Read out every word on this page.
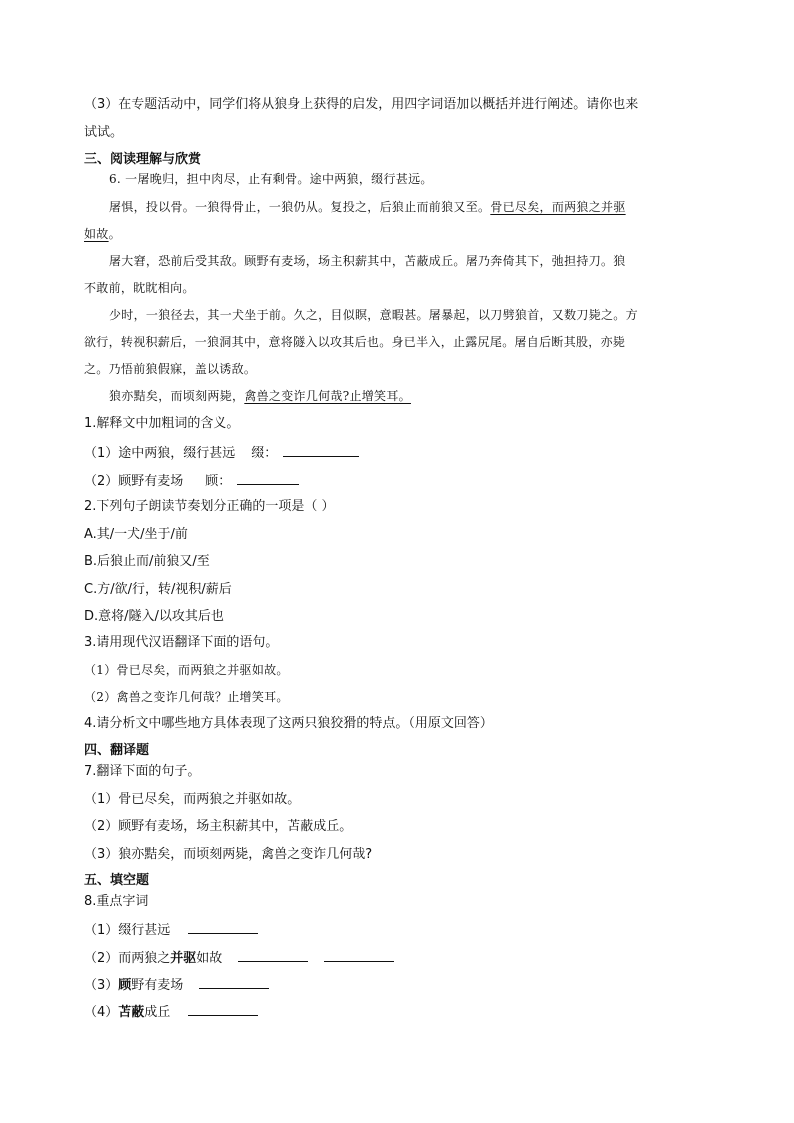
（3）在专题活动中，同学们将从狼身上获得的启发，用四字词语加以概括并进行阐述。请你也来
试试。
三、阅读理解与欣赏
6. 一屠晚归，担中肉尽，止有剩骨。途中两狼，缀行甚远。
屠惧，投以骨。一狼得骨止，一狼仍从。复投之，后狼止而前狼又至。骨已尽矣，而两狼之并驱
如故。
屠大窘，恐前后受其敌。顾野有麦场，场主积薪其中，苫蔽成丘。屠乃奔倚其下，弛担持刀。狼
不敢前，眈眈相向。
少时，一狼径去，其一犬坐于前。久之，目似瞑，意暇甚。屠暴起，以刀劈狼首，又数刀毙之。方
欲行，转视积薪后，一狼洞其中，意将隧入以攻其后也。身已半入，止露尻尾。屠自后断其股，亦毙
之。乃悟前狼假寐，盖以诱敌。
狼亦黠矣，而顷刻两毙，禽兽之变诈几何哉?止增笑耳。
1.解释文中加粗词的含义。
（1）途中两狼，缀行甚远 缀：
（2）顾野有麦场 顾：
2.下列句子朗读节奏划分正确的一项是（ ）
A.其/一犬/坐于/前
B.后狼止而/前狼又/至
C.方/欲/行，转/视积/薪后
D.意将/隧入/以攻其后也
3.请用现代汉语翻译下面的语句。
（1）骨已尽矣，而两狼之并驱如故。
（2）禽兽之变诈几何哉？止增笑耳。
4.请分析文中哪些地方具体表现了这两只狼狡猾的特点。（用原文回答）
四、翻译题
7.翻译下面的句子。
（1）骨已尽矣，而两狼之并驱如故。
（2）顾野有麦场，场主积薪其中，苫蔽成丘。
（3）狼亦黠矣，而顷刻两毙，禽兽之变诈几何哉?
五、填空题
8.重点字词
（1）缀行甚远
（2）而两狼之并驱如故
（3）顾野有麦场
（4）苫蔽成丘
